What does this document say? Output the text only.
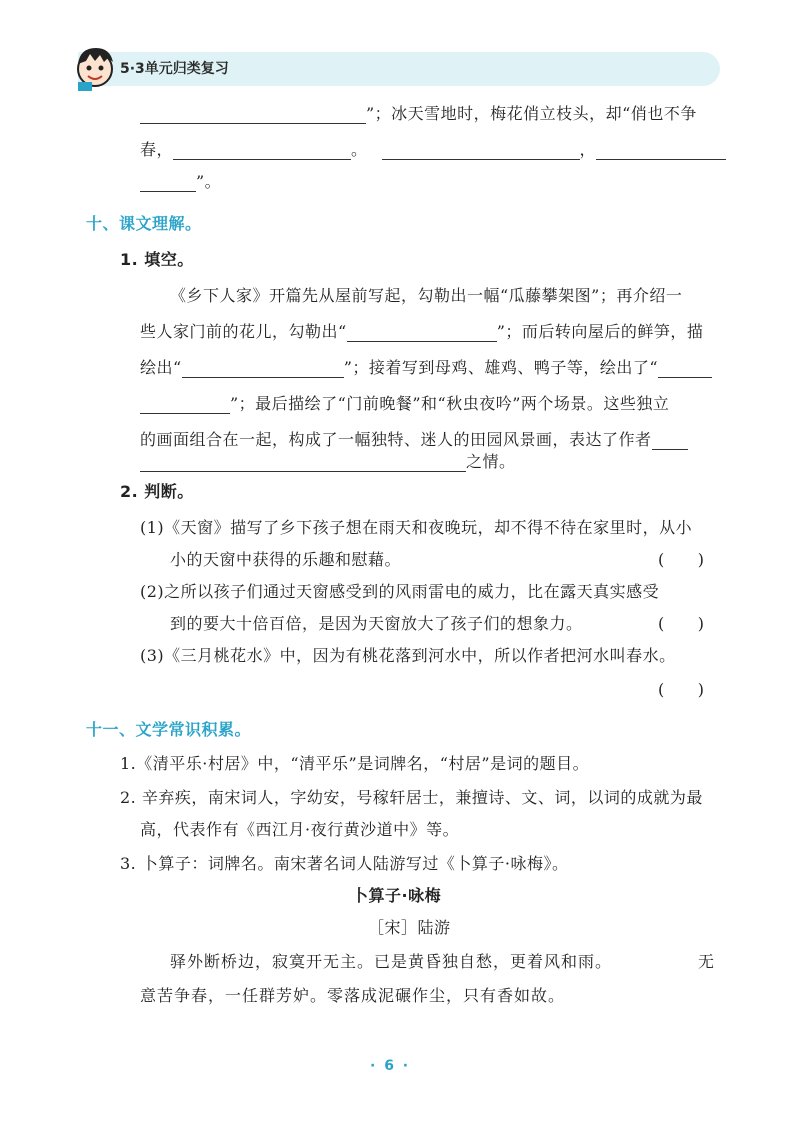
5·3单元归类复习
”；冰天雪地时，梅花俏立枝头，却“俏也不争
春，	。	，
”。
十、课文理解。
1. 填空。
《乡下人家》开篇先从屋前写起，勾勒出一幅“瓜藤攀架图”；再介绍一
些人家门前的花儿，勾勒出“	”；而后转向屋后的鲜笋，描
绘出“	”；接着写到母鸡、雄鸡、鸭子等，绘出了“
”；最后描绘了“门前晚餐”和“秋虫夜吟”两个场景。这些独立
的画面组合在一起，构成了一幅独特、迷人的田园风景画，表达了作者
之情。
2. 判断。
(1)《天窗》描写了乡下孩子想在雨天和夜晚玩，却不得不待在家里时，从小
小的天窗中获得的乐趣和慰藉。	(　　)
(2)之所以孩子们通过天窗感受到的风雨雷电的威力，比在露天真实感受
到的要大十倍百倍，是因为天窗放大了孩子们的想象力。	(　　)
(3)《三月桃花水》中，因为有桃花落到河水中，所以作者把河水叫春水。
(　　)
十一、文学常识积累。
1.《清平乐·村居》中，“清平乐”是词牌名，“村居”是词的题目。
2. 辛弃疾，南宋词人，字幼安，号稼轩居士，兼擅诗、文、词，以词的成就为最
高，代表作有《西江月·夜行黄沙道中》等。
3. 卜算子：词牌名。南宋著名词人陆游写过《卜算子·咏梅》。
卜算子·咏梅
［宋］陆游
驿外断桥边，寂寞开无主。已是黄昏独自愁，更着风和雨。	无
意苦争春，一任群芳妒。零落成泥碾作尘，只有香如故。
· 6 ·
